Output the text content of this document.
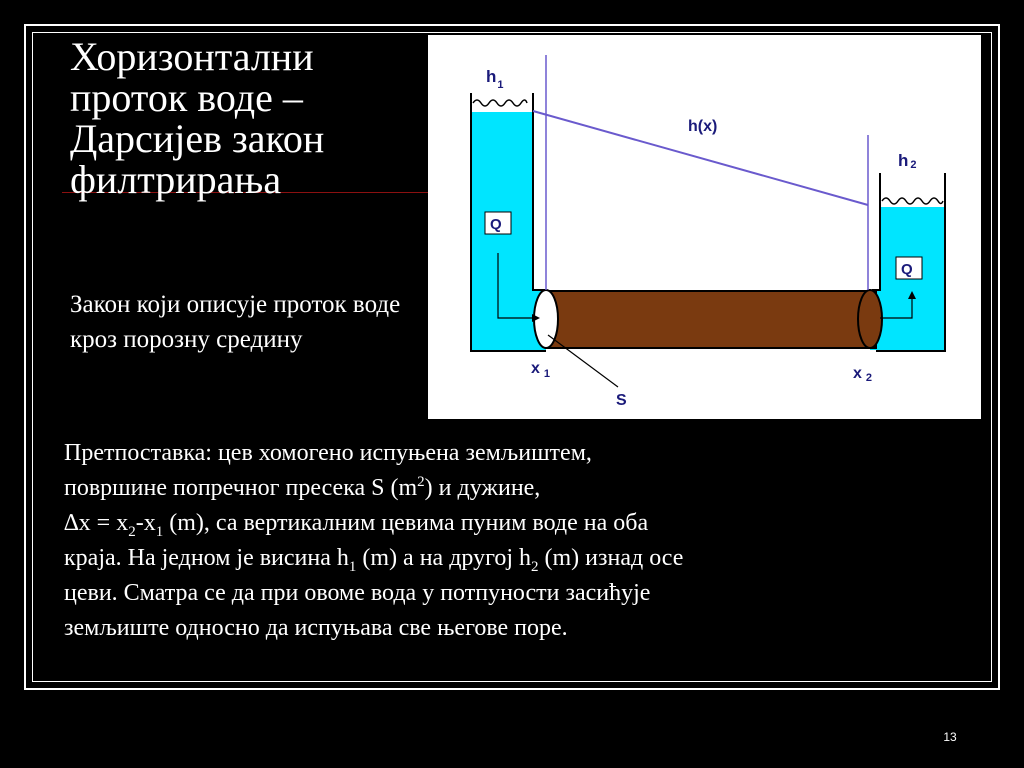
Хоризонтални проток воде – Дарсијев закон филтрирања
Закон који описује проток воде кроз порозну средину
$h_1$
h(x)
h 2
Q
Q
x $_1$	x 2
S

Претпоставка: цев хомогено испуњена земљиштем,

површине попречног пресека S $(m^2)$ и дужине,

$\Delta x = x_2-x_1$ (m), са вертикалним цевима пуним воде на оба

краја. На једном је висина $h_1$ (m) а на другој $h_2$ (m) изнад осе

цеви. Сматра се да при овоме вода у потпуности засићује

земљиште односно да испуњава све његове поре.

13
